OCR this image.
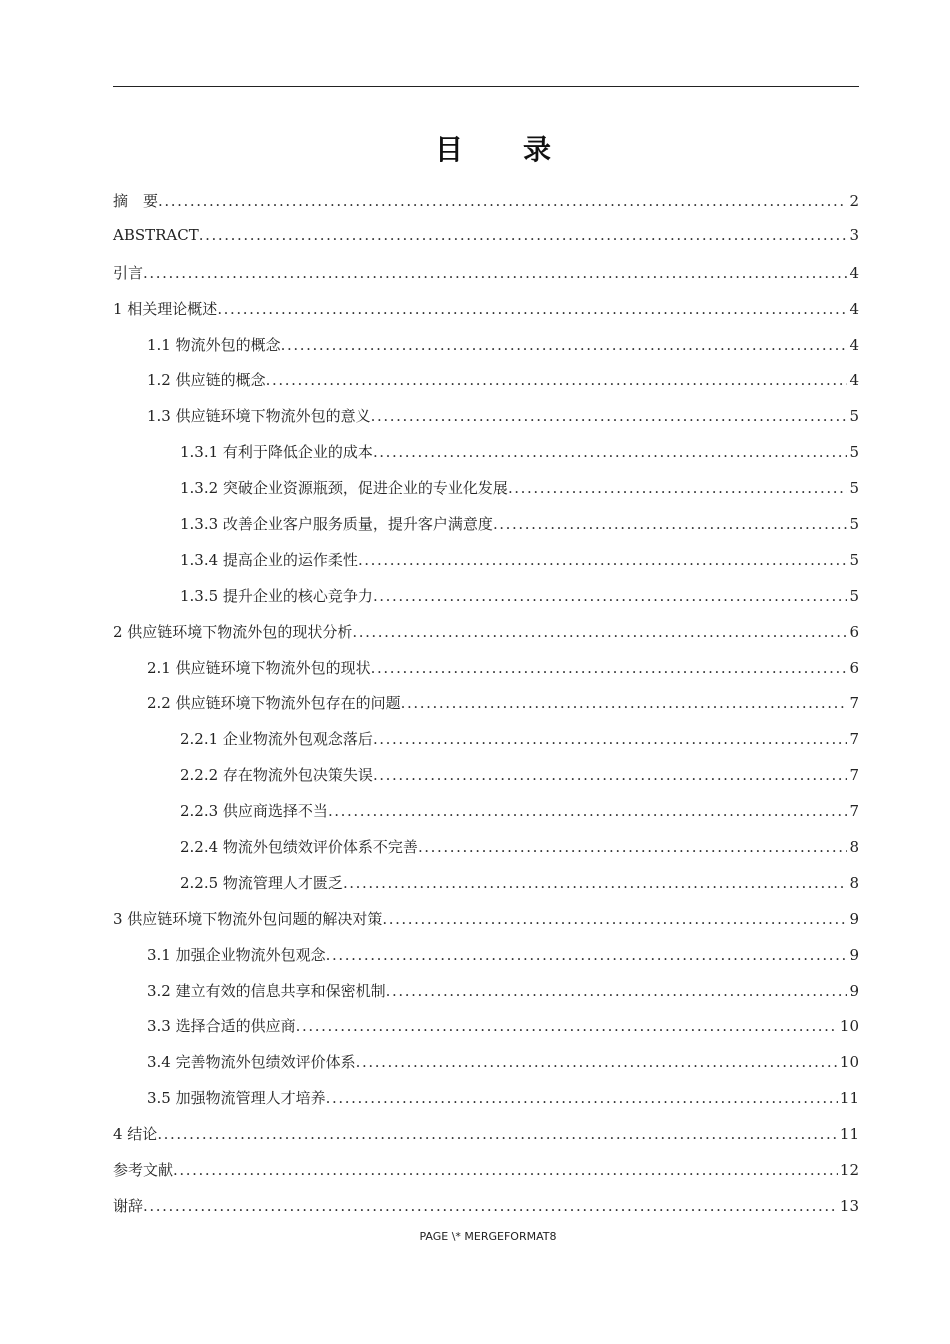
目　录
摘　要 .....	2
ABSTRACT .....	3
引言 .....	4
1 相关理论概述 .....	4
1.1 物流外包的概念 .....	4
1.2 供应链的概念 .....	4
1.3 供应链环境下物流外包的意义 .....	5
1.3.1 有利于降低企业的成本 .....	5
1.3.2 突破企业资源瓶颈，促进企业的专业化发展 .....	5
1.3.3 改善企业客户服务质量，提升客户满意度 .....	5
1.3.4 提高企业的运作柔性 .....	5
1.3.5 提升企业的核心竞争力 .....	5
2 供应链环境下物流外包的现状分析 .....	6
2.1 供应链环境下物流外包的现状 .....	6
2.2 供应链环境下物流外包存在的问题 .....	7
2.2.1 企业物流外包观念落后 .....	7
2.2.2 存在物流外包决策失误 .....	7
2.2.3 供应商选择不当 .....	7
2.2.4 物流外包绩效评价体系不完善 .....	8
2.2.5 物流管理人才匮乏 .....	8
3 供应链环境下物流外包问题的解决对策 .....	9
3.1 加强企业物流外包观念 .....	9
3.2 建立有效的信息共享和保密机制 .....	9
3.3 选择合适的供应商 .....	10
3.4 完善物流外包绩效评价体系 .....	10
3.5 加强物流管理人才培养 .....	11
4 结论 .....	11
参考文献 .....	12
谢辞 .....	13
PAGE \* MERGEFORMAT8
